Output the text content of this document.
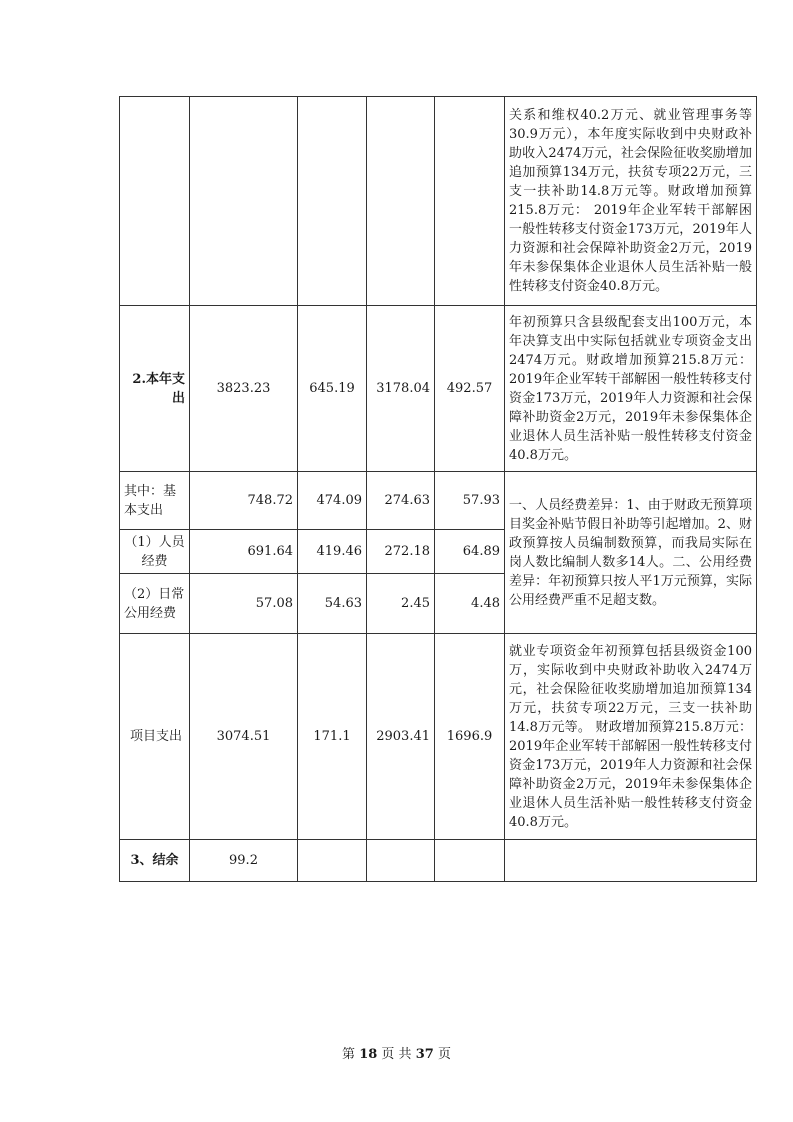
					关系和维权40.2万元、就业管理事务等30.9万元），本年度实际收到中央财政补助收入2474万元，社会保险征收奖励增加追加预算134万元，扶贫专项22万元，三支一扶补助14.8万元等。财政增加预算215.8万元： 2019年企业军转干部解困一般性转移支付资金173万元，2019年人力资源和社会保障补助资金2万元，2019年未参保集体企业退休人员生活补贴一般性转移支付资金40.8万元。
2.本年支出	3823.23	645.19	3178.04	492.57	年初预算只含县级配套支出100万元，本年决算支出中实际包括就业专项资金支出2474万元。财政增加预算215.8万元：2019年企业军转干部解困一般性转移支付资金173万元，2019年人力资源和社会保障补助资金2万元，2019年未参保集体企业退休人员生活补贴一般性转移支付资金40.8万元。
其中：基本支出	748.72	474.09	274.63	57.93	一、人员经费差异：1、由于财政无预算项目奖金补贴节假日补助等引起增加。2、财政预算按人员编制数预算，而我局实际在岗人数比编制人数多14人。二、公用经费差异：年初预算只按人平1万元预算，实际公用经费严重不足超支数。
（1）人员经费	691.64	419.46	272.18	64.89	
（2）日常公用经费	57.08	54.63	2.45	4.48	
项目支出	3074.51	171.1	2903.41	1696.9	就业专项资金年初预算包括县级资金100万，实际收到中央财政补助收入2474万元，社会保险征收奖励增加追加预算134万元，扶贫专项22万元，三支一扶补助14.8万元等。 财政增加预算215.8万元： 2019年企业军转干部解困一般性转移支付资金173万元，2019年人力资源和社会保障补助资金2万元，2019年未参保集体企业退休人员生活补贴一般性转移支付资金40.8万元。
3、结余	99.2				
第 18 页 共 37 页
